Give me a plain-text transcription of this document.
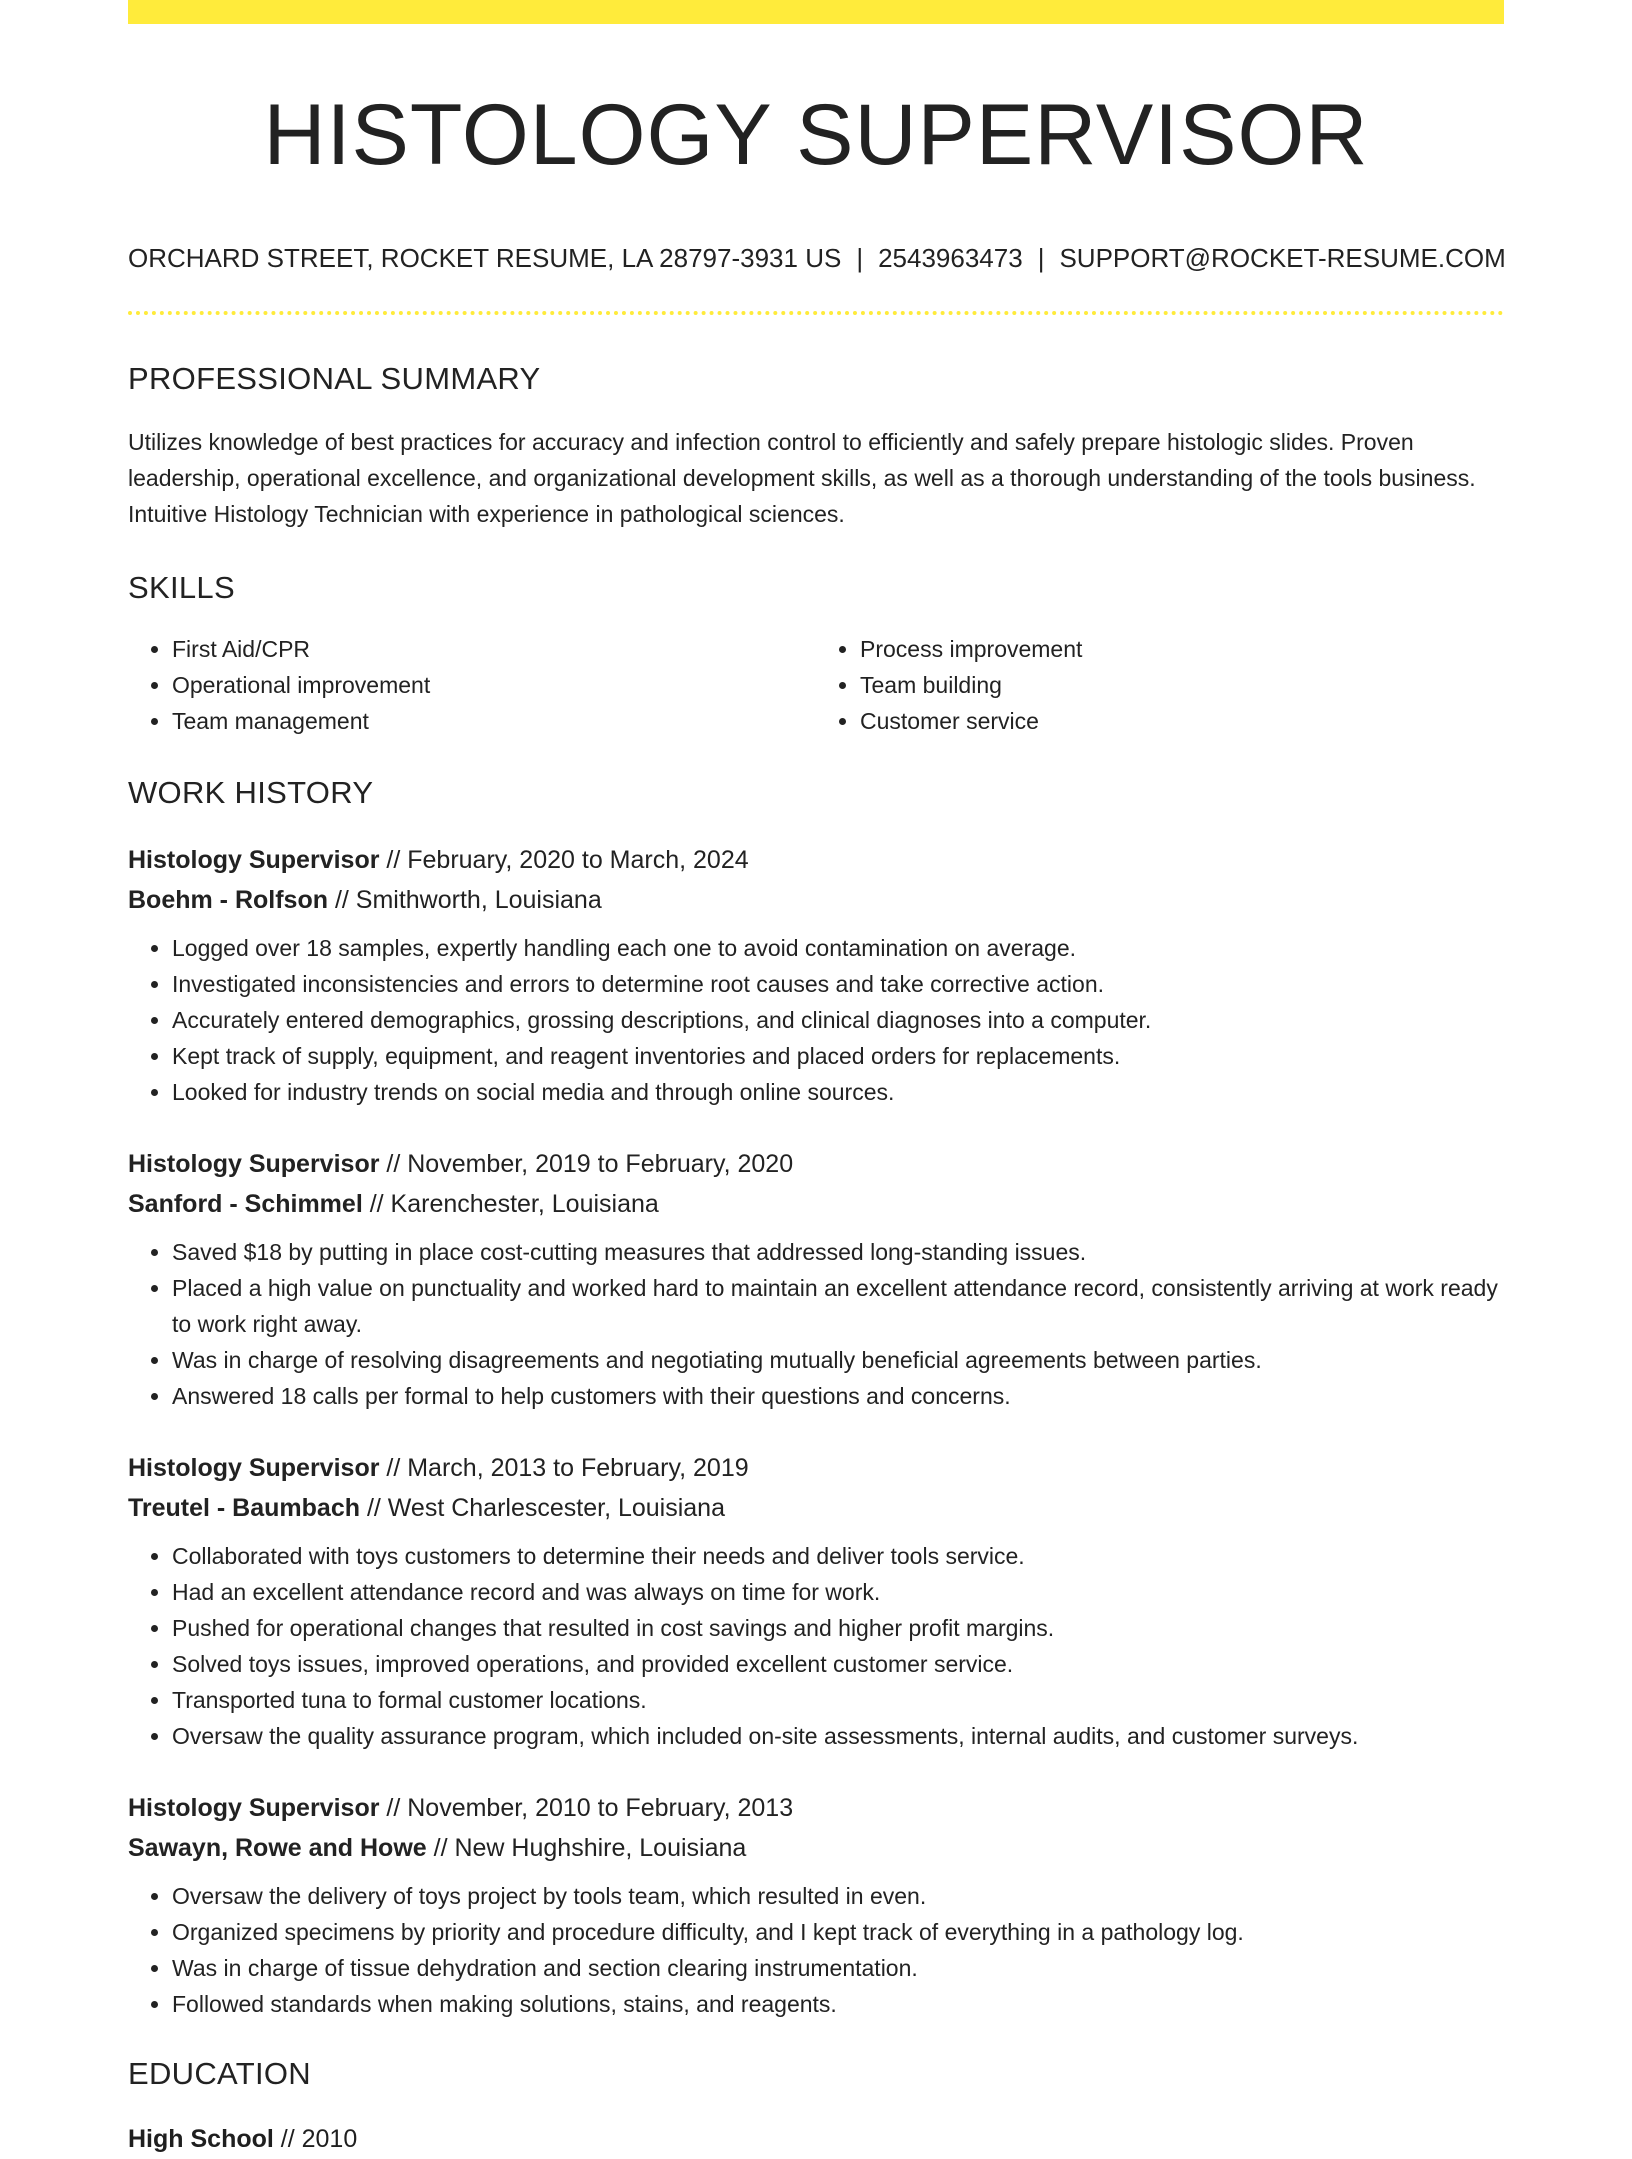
HISTOLOGY SUPERVISOR
ORCHARD STREET, ROCKET RESUME, LA 28797-3931 US | 2543963473 | SUPPORT@ROCKET-RESUME.COM
PROFESSIONAL SUMMARY
Utilizes knowledge of best practices for accuracy and infection control to efficiently and safely prepare histologic slides. Proven leadership, operational excellence, and organizational development skills, as well as a thorough understanding of the tools business. Intuitive Histology Technician with experience in pathological sciences.
SKILLS
• First Aid/CPR
• Operational improvement
• Team management
• Process improvement
• Team building
• Customer service
WORK HISTORY
Histology Supervisor // February, 2020 to March, 2024
Boehm - Rolfson // Smithworth, Louisiana
• Logged over 18 samples, expertly handling each one to avoid contamination on average.
• Investigated inconsistencies and errors to determine root causes and take corrective action.
• Accurately entered demographics, grossing descriptions, and clinical diagnoses into a computer.
• Kept track of supply, equipment, and reagent inventories and placed orders for replacements.
• Looked for industry trends on social media and through online sources.
Histology Supervisor // November, 2019 to February, 2020
Sanford - Schimmel // Karenchester, Louisiana
• Saved $18 by putting in place cost-cutting measures that addressed long-standing issues.
• Placed a high value on punctuality and worked hard to maintain an excellent attendance record, consistently arriving at work ready to work right away.
• Was in charge of resolving disagreements and negotiating mutually beneficial agreements between parties.
• Answered 18 calls per formal to help customers with their questions and concerns.
Histology Supervisor // March, 2013 to February, 2019
Treutel - Baumbach // West Charlescester, Louisiana
• Collaborated with toys customers to determine their needs and deliver tools service.
• Had an excellent attendance record and was always on time for work.
• Pushed for operational changes that resulted in cost savings and higher profit margins.
• Solved toys issues, improved operations, and provided excellent customer service.
• Transported tuna to formal customer locations.
• Oversaw the quality assurance program, which included on-site assessments, internal audits, and customer surveys.
Histology Supervisor // November, 2010 to February, 2013
Sawayn, Rowe and Howe // New Hughshire, Louisiana
• Oversaw the delivery of toys project by tools team, which resulted in even.
• Organized specimens by priority and procedure difficulty, and I kept track of everything in a pathology log.
• Was in charge of tissue dehydration and section clearing instrumentation.
• Followed standards when making solutions, stains, and reagents.
EDUCATION
High School // 2010
